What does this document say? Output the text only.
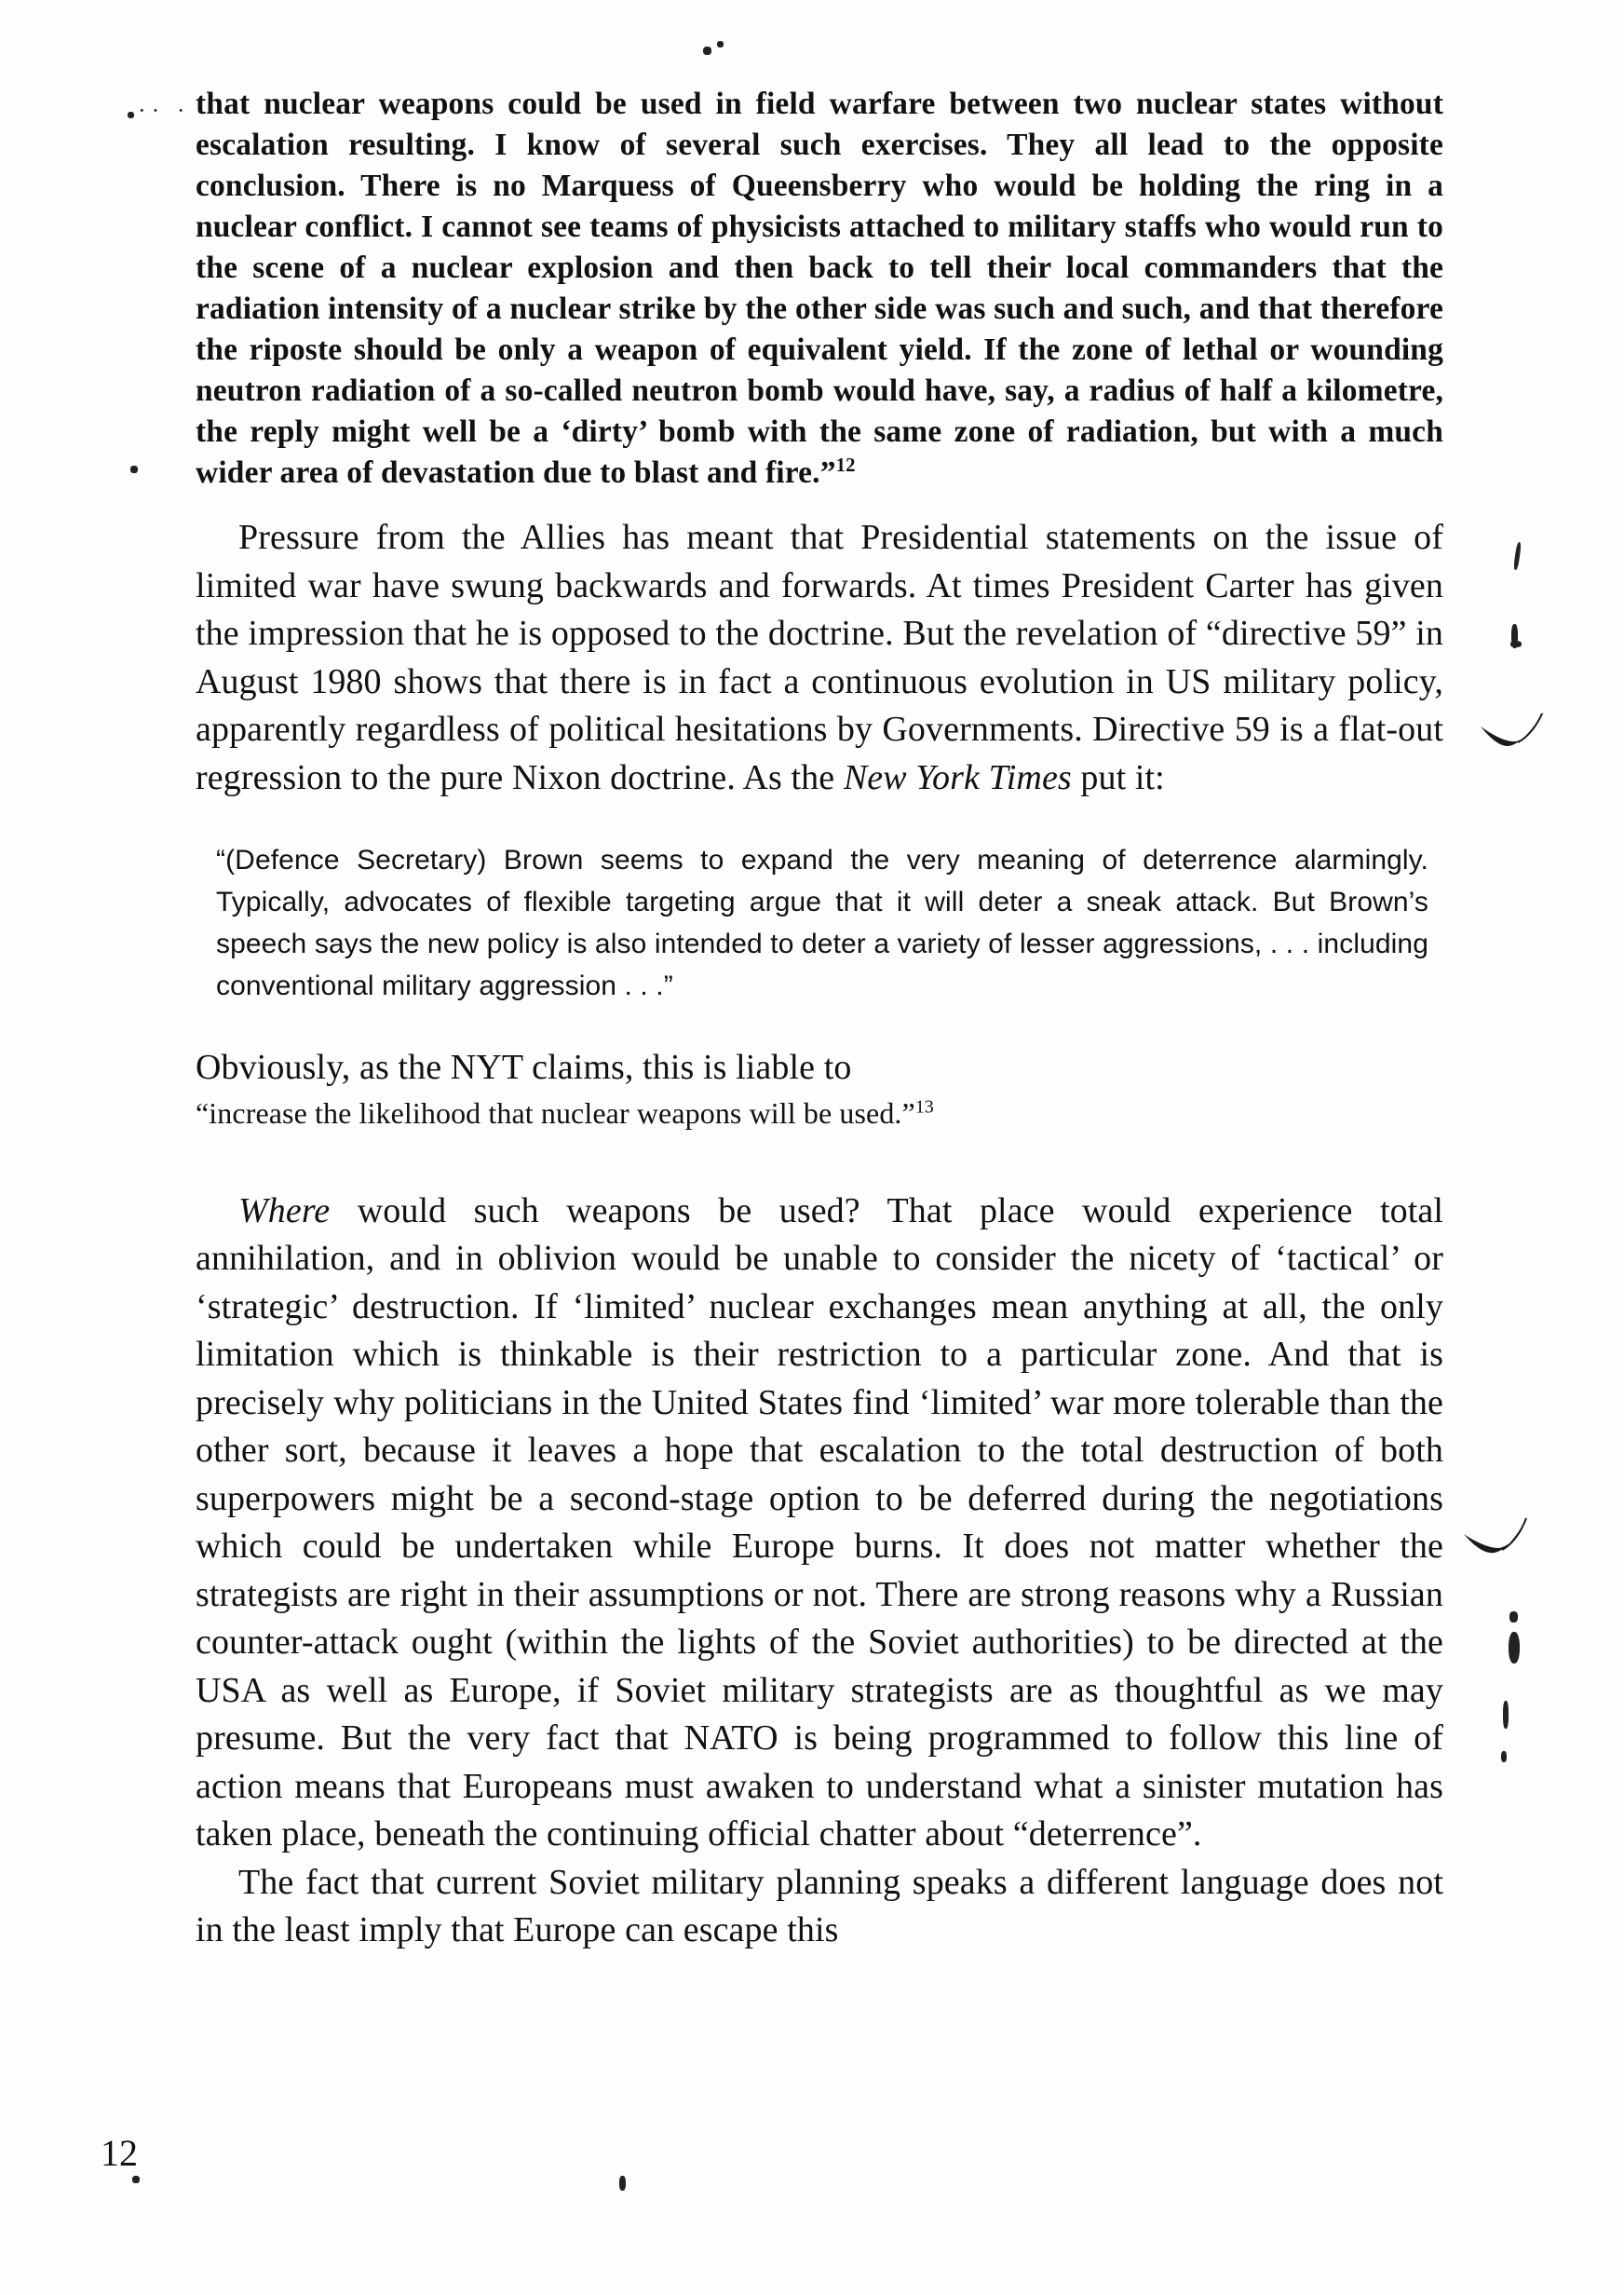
·· · that nuclear weapons could be used in field warfare between two nuclear states without escalation resulting. I know of several such exercises. They all lead to the opposite conclusion. There is no Marquess of Queensberry who would be holding the ring in a nuclear conflict. I cannot see teams of physicists attached to military staffs who would run to the scene of a nuclear explosion and then back to tell their local commanders that the radiation intensity of a nuclear strike by the other side was such and such, and that therefore the riposte should be only a weapon of equivalent yield. If the zone of lethal or wounding neutron radiation of a so-called neutron bomb would have, say, a radius of half a kilometre, the reply might well be a ‘dirty’ bomb with the same zone of radiation, but with a much wider area of devastation due to blast and fire.”$^{12}$

Pressure from the Allies has meant that Presidential statements on the issue of limited war have swung backwards and forwards. At times President Carter has given the impression that he is opposed to the doctrine. But the revelation of “directive 59” in August 1980 shows that there is in fact a continuous evolution in US military policy, apparently regardless of political hesitations by Governments. Directive 59 is a flat-out regression to the pure Nixon doctrine. As the New York Times put it:

“(Defence Secretary) Brown seems to expand the very meaning of deterrence alarmingly. Typically, advocates of flexible targeting argue that it will deter a sneak attack. But Brown’s speech says the new policy is also intended to deter a variety of lesser aggressions, . . . including conventional military aggression . . .”

Obviously, as the NYT claims, this is liable to

“increase the likelihood that nuclear weapons will be used.”$^{13}$

Where would such weapons be used? That place would experience total annihilation, and in oblivion would be unable to consider the nicety of ‘tactical’ or ‘strategic’ destruction. If ‘limited’ nuclear exchanges mean anything at all, the only limitation which is thinkable is their restriction to a particular zone. And that is precisely why politicians in the United States find ‘limited’ war more tolerable than the other sort, because it leaves a hope that escalation to the total destruction of both superpowers might be a second-stage option to be deferred during the negotiations which could be undertaken while Europe burns. It does not matter whether the strategists are right in their assumptions or not. There are strong reasons why a Russian counter-attack ought (within the lights of the Soviet authorities) to be directed at the USA as well as Europe, if Soviet military strategists are as thoughtful as we may presume. But the very fact that NATO is being programmed to follow this line of action means that Europeans must awaken to understand what a sinister mutation has taken place, beneath the continuing official chatter about “deterrence”.

The fact that current Soviet military planning speaks a different language does not in the least imply that Europe can escape this

12
